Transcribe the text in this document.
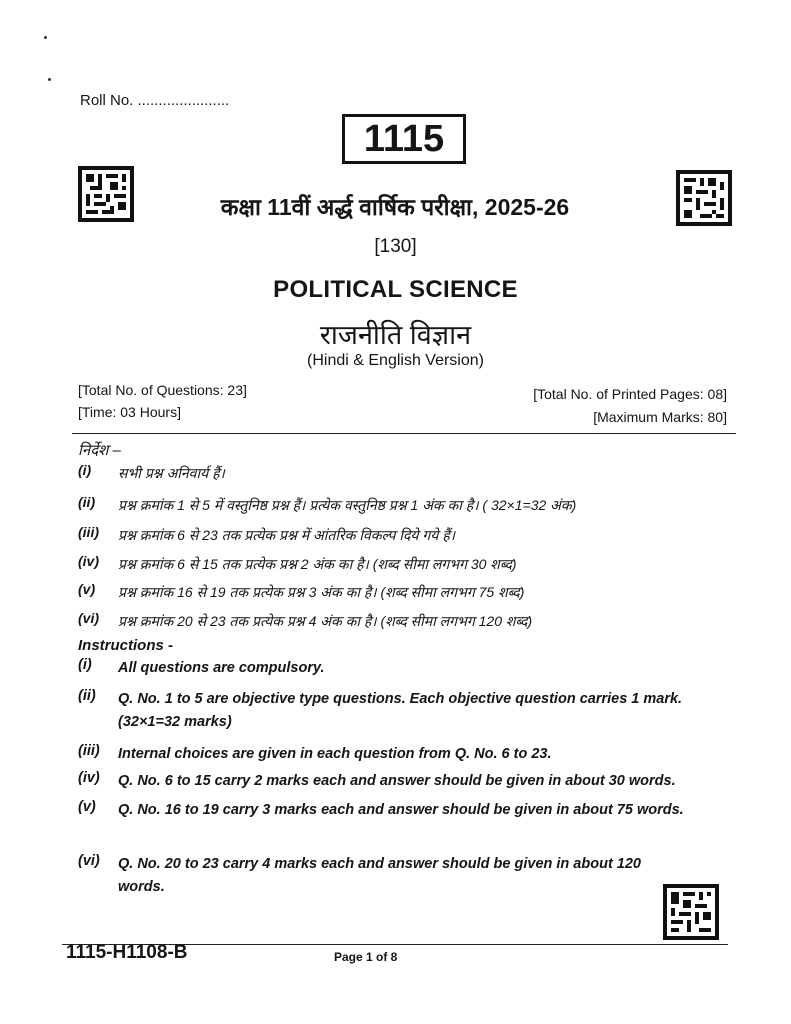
Roll No. ......................
1115
कक्षा 11वीं अर्द्ध वार्षिक परीक्षा, 2025-26
[130]
POLITICAL SCIENCE
राजनीति विज्ञान
(Hindi & English Version)
[Total No. of Questions: 23]	[Total No. of Printed Pages: 08]
[Time: 03 Hours]	[Maximum Marks: 80]
निर्देश –
(i)	सभी प्रश्न अनिवार्य हैं।
(ii)	प्रश्न क्रमांक 1 से 5 में वस्तुनिष्ठ प्रश्न हैं। प्रत्येक वस्तुनिष्ठ प्रश्न 1 अंक का है। ( 32×1=32 अंक)
(iii)	प्रश्न क्रमांक 6 से 23 तक प्रत्येक प्रश्न में आंतरिक विकल्प दिये गये हैं।
(iv)	प्रश्न क्रमांक 6 से 15 तक प्रत्येक प्रश्न 2 अंक का है। (शब्द सीमा लगभग 30 शब्द)
(v)	प्रश्न क्रमांक 16 से 19 तक प्रत्येक प्रश्न 3 अंक का है। (शब्द सीमा लगभग 75 शब्द)
(vi)	प्रश्न क्रमांक 20 से 23 तक प्रत्येक प्रश्न 4 अंक का है। (शब्द सीमा लगभग 120 शब्द)
Instructions -
(i)	All questions are compulsory.
(ii)	Q. No. 1 to 5 are objective type questions. Each objective question carries 1 mark. (32×1=32 marks)
(iii)	Internal choices are given in each question from Q. No. 6 to 23.
(iv)	Q. No. 6 to 15 carry 2 marks each and answer should be given in about 30 words.
(v)	Q. No. 16 to 19 carry 3 marks each and answer should be given in about 75 words.
(vi)	Q. No. 20 to 23 carry 4 marks each and answer should be given in about 120 words.
1115-H1108-B	Page 1 of 8
